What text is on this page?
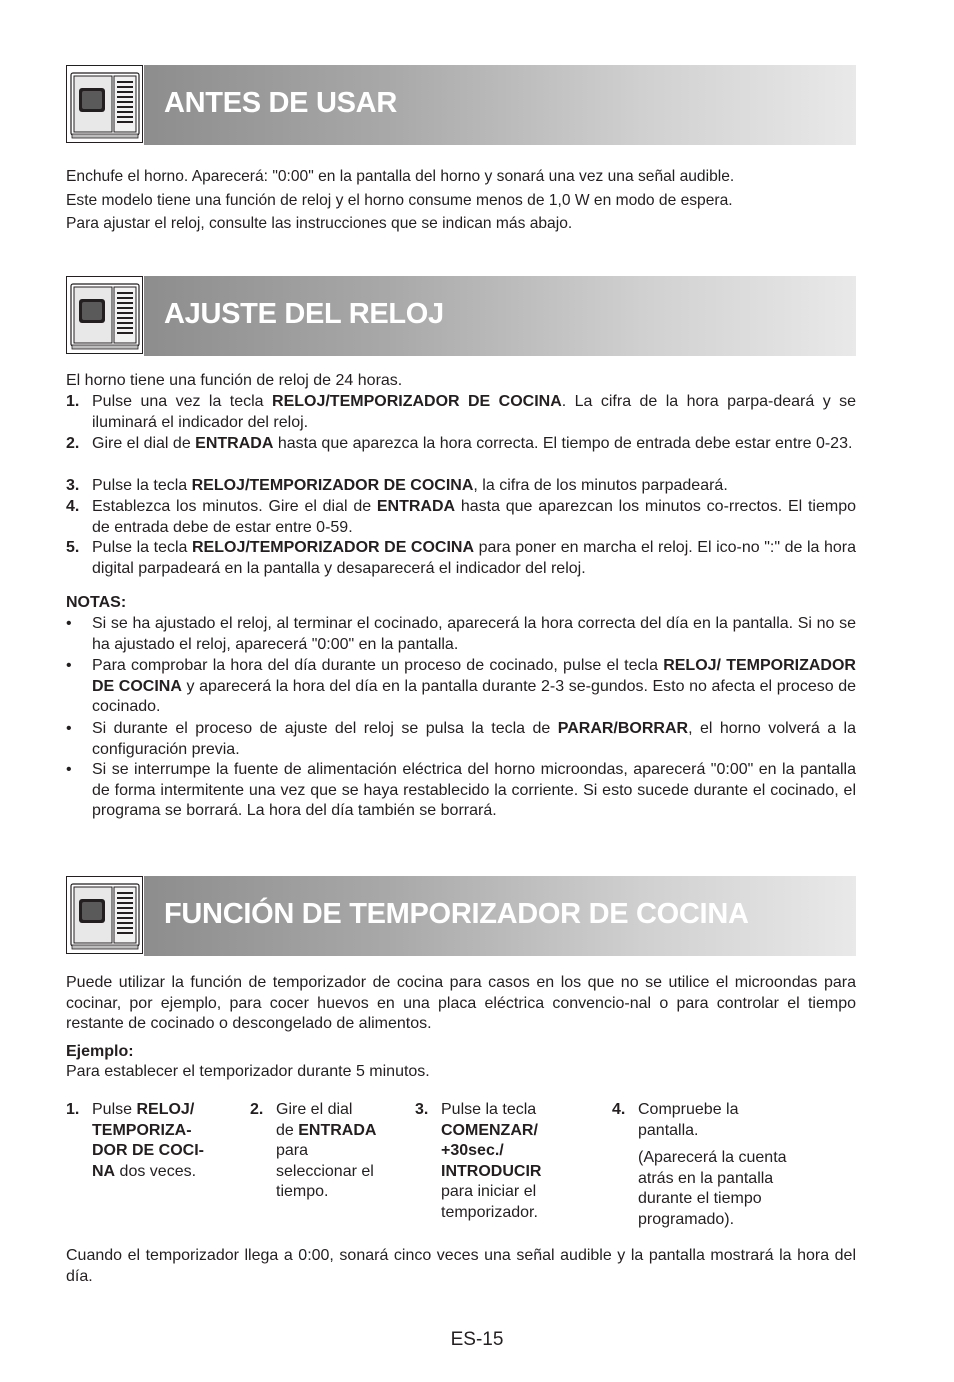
ANTES DE USAR

Enchufe el horno. Aparecerá: "0:00" en la pantalla del horno y sonará una vez una señal audible.

Este modelo tiene una función de reloj y el horno consume menos de 1,0 W en modo de espera.

Para ajustar el reloj, consulte las instrucciones que se indican más abajo.

AJUSTE DEL RELOJ

El horno tiene una función de reloj de 24 horas.

1. Pulse una vez la tecla RELOJ/TEMPORIZADOR DE COCINA. La cifra de la hora parpa-deará y se iluminará el indicador del reloj.

2. Gire el dial de ENTRADA hasta que aparezca la hora correcta. El tiempo de entrada debe estar entre 0-23.

3. Pulse la tecla RELOJ/TEMPORIZADOR DE COCINA, la cifra de los minutos parpadeará.

4. Establezca los minutos. Gire el dial de ENTRADA hasta que aparezcan los minutos co-rrectos. El tiempo de entrada debe de estar entre 0-59.

5. Pulse la tecla RELOJ/TEMPORIZADOR DE COCINA para poner en marcha el reloj. El ico-no ":" de la hora digital parpadeará en la pantalla y desaparecerá el indicador del reloj.

NOTAS:

• Si se ha ajustado el reloj, al terminar el cocinado, aparecerá la hora correcta del día en la pantalla. Si no se ha ajustado el reloj, aparecerá "0:00" en la pantalla.

• Para comprobar la hora del día durante un proceso de cocinado, pulse el tecla RELOJ/ TEMPORIZADOR DE COCINA y aparecerá la hora del día en la pantalla durante 2-3 se-gundos. Esto no afecta el proceso de cocinado.

• Si durante el proceso de ajuste del reloj se pulsa la tecla de PARAR/BORRAR, el horno volverá a la configuración previa.

• Si se interrumpe la fuente de alimentación eléctrica del horno microondas, aparecerá "0:00" en la pantalla de forma intermitente una vez que se haya restablecido la corriente. Si esto sucede durante el cocinado, el programa se borrará. La hora del día también se borrará.

FUNCIÓN DE TEMPORIZADOR DE COCINA

Puede utilizar la función de temporizador de cocina para casos en los que no se utilice el microondas para cocinar, por ejemplo, para cocer huevos en una placa eléctrica convencio-nal o para controlar el tiempo restante de cocinado o descongelado de alimentos.

Ejemplo:

Para establecer el temporizador durante 5 minutos.

1. Pulse RELOJ/
TEMPORIZA-
DOR DE COCI-
NA dos veces.
2. Gire el dial
de ENTRADA
para
seleccionar el
tiempo.
3. Pulse la tecla
COMENZAR/
+30sec./
INTRODUCIR
para iniciar el
temporizador.
4. Compruebe la
pantalla.
(Aparecerá la cuenta
atrás en la pantalla
durante el tiempo
programado).

Cuando el temporizador llega a 0:00, sonará cinco veces una señal audible y la pantalla mostrará la hora del día.

ES-15
